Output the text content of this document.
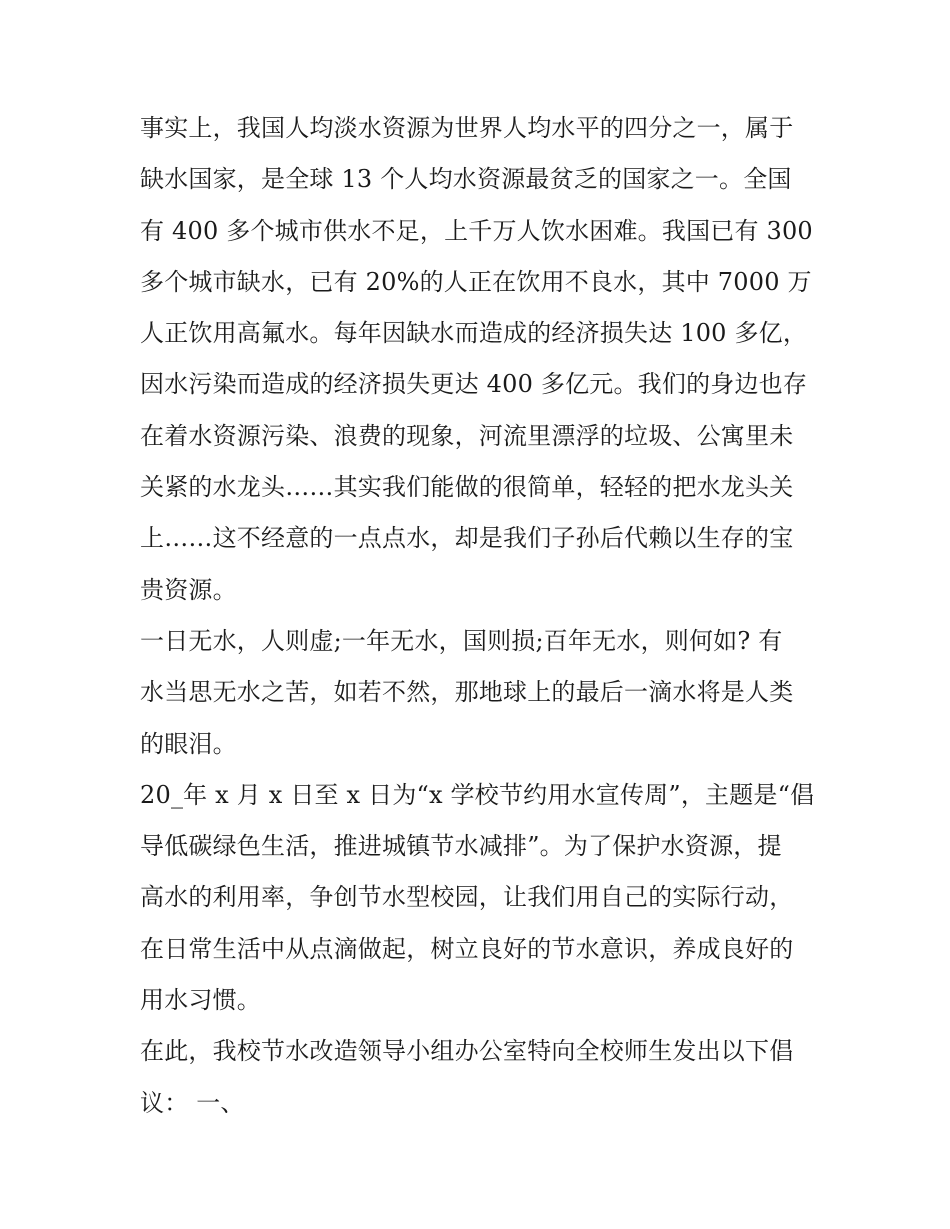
事实上，我国人均淡水资源为世界人均水平的四分之一，属于
缺水国家，是全球 13 个人均水资源最贫乏的国家之一。全国
有 400 多个城市供水不足，上千万人饮水困难。我国已有 300
多个城市缺水，已有 20%的人正在饮用不良水，其中 7000 万
人正饮用高氟水。每年因缺水而造成的经济损失达 100 多亿，
因水污染而造成的经济损失更达 400 多亿元。我们的身边也存
在着水资源污染、浪费的现象，河流里漂浮的垃圾、公寓里未
关紧的水龙头……其实我们能做的很简单，轻轻的把水龙头关
上……这不经意的一点点水，却是我们子孙后代赖以生存的宝
贵资源。
一日无水，人则虚;一年无水，国则损;百年无水，则何如? 有
水当思无水之苦，如若不然，那地球上的最后一滴水将是人类
的眼泪。
20_年 x 月 x 日至 x 日为“x 学校节约用水宣传周”，主题是“倡
导低碳绿色生活，推进城镇节水减排”。为了保护水资源，提
高水的利用率，争创节水型校园，让我们用自己的实际行动，
在日常生活中从点滴做起，树立良好的节水意识，养成良好的
用水习惯。
在此，我校节水改造领导小组办公室特向全校师生发出以下倡
议： 一、
